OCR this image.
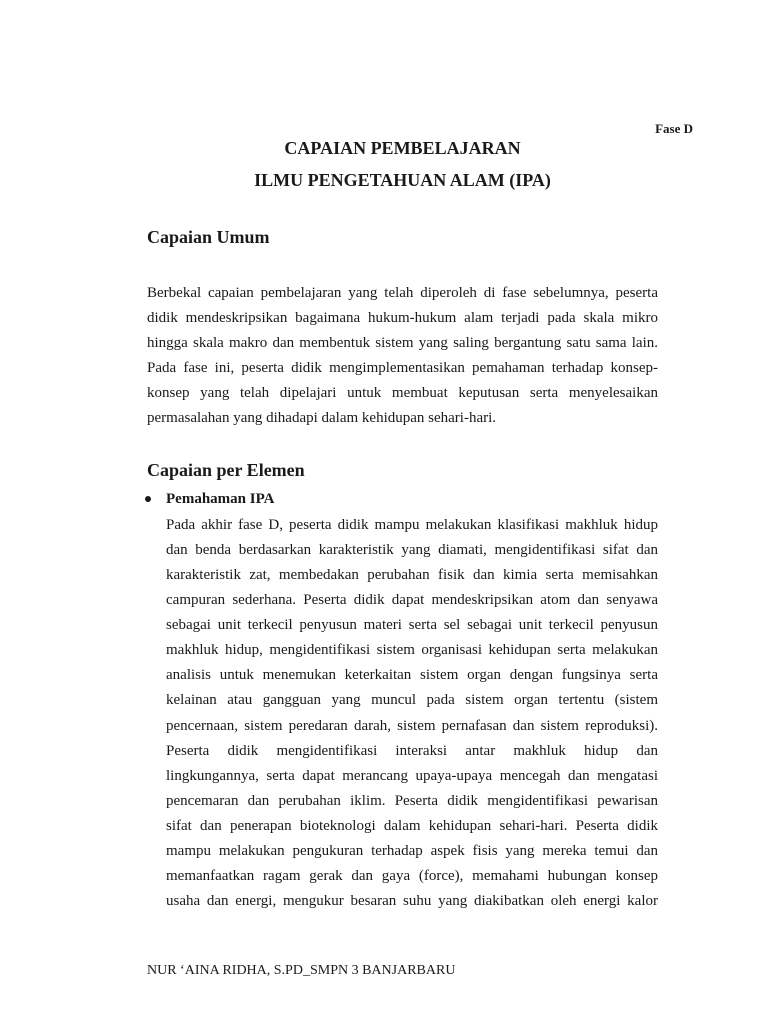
Fase D
CAPAIAN PEMBELAJARAN
ILMU PENGETAHUAN ALAM (IPA)
Capaian Umum
Berbekal capaian pembelajaran yang telah diperoleh di fase sebelumnya, peserta
didik mendeskripsikan bagaimana hukum-hukum alam terjadi pada skala mikro
hingga skala makro dan membentuk sistem yang saling bergantung satu sama lain.
Pada fase ini, peserta didik mengimplementasikan pemahaman terhadap konsep-
konsep yang telah dipelajari untuk membuat keputusan serta menyelesaikan
permasalahan yang dihadapi dalam kehidupan sehari-hari.
Capaian per Elemen
Pemahaman IPA
Pada akhir fase D, peserta didik mampu melakukan klasifikasi makhluk hidup
dan benda berdasarkan karakteristik yang diamati, mengidentifikasi sifat dan
karakteristik zat, membedakan perubahan fisik dan kimia serta memisahkan
campuran sederhana. Peserta didik dapat mendeskripsikan atom dan senyawa
sebagai unit terkecil penyusun materi serta sel sebagai unit terkecil penyusun
makhluk hidup, mengidentifikasi sistem organisasi kehidupan serta melakukan
analisis untuk menemukan keterkaitan sistem organ dengan fungsinya serta
kelainan atau gangguan yang muncul pada sistem organ tertentu (sistem
pencernaan, sistem peredaran darah, sistem pernafasan dan sistem reproduksi).
Peserta didik mengidentifikasi interaksi antar makhluk hidup dan
lingkungannya, serta dapat merancang upaya-upaya mencegah dan mengatasi
pencemaran dan perubahan iklim. Peserta didik mengidentifikasi pewarisan
sifat dan penerapan bioteknologi dalam kehidupan sehari-hari. Peserta didik
mampu melakukan pengukuran terhadap aspek fisis yang mereka temui dan
memanfaatkan ragam gerak dan gaya (force), memahami hubungan konsep
usaha dan energi, mengukur besaran suhu yang diakibatkan oleh energi kalor
NUR ‘AINA RIDHA, S.PD_SMPN 3 BANJARBARU
